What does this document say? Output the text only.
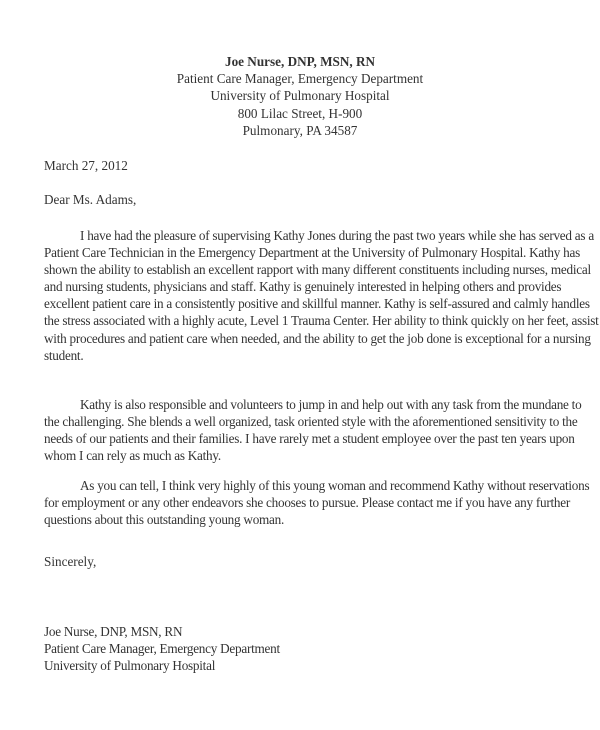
Joe Nurse, DNP, MSN, RN
Patient Care Manager, Emergency Department
University of Pulmonary Hospital
800 Lilac Street, H-900
Pulmonary, PA 34587
March 27, 2012
Dear Ms. Adams,
I have had the pleasure of supervising Kathy Jones during the past two years while she has served as a
Patient Care Technician in the Emergency Department at the University of Pulmonary Hospital. Kathy has
shown the ability to establish an excellent rapport with many different constituents including nurses, medical
and nursing students, physicians and staff. Kathy is genuinely interested in helping others and provides
excellent patient care in a consistently positive and skillful manner. Kathy is self-assured and calmly handles
the stress associated with a highly acute, Level 1 Trauma Center. Her ability to think quickly on her feet, assist
with procedures and patient care when needed, and the ability to get the job done is exceptional for a nursing
student.
Kathy is also responsible and volunteers to jump in and help out with any task from the mundane to
the challenging. She blends a well organized, task oriented style with the aforementioned sensitivity to the
needs of our patients and their families. I have rarely met a student employee over the past ten years upon
whom I can rely as much as Kathy.
As you can tell, I think very highly of this young woman and recommend Kathy without reservations
for employment or any other endeavors she chooses to pursue. Please contact me if you have any further
questions about this outstanding young woman.
Sincerely,
Joe Nurse, DNP, MSN, RN
Patient Care Manager, Emergency Department
University of Pulmonary Hospital
